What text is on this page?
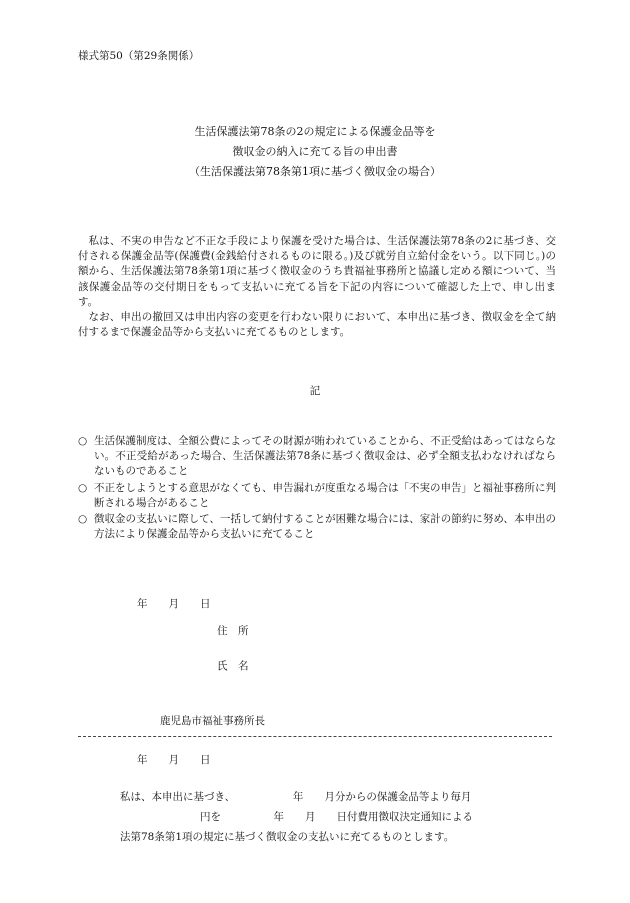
様式第50（第29条関係）
生活保護法第78条の2の規定による保護金品等を
徴収金の納入に充てる旨の申出書
（生活保護法第78条第1項に基づく徴収金の場合）

私は、不実の申告など不正な手段により保護を受けた場合は、生活保護法第78条の2に基づき、交付される保護金品等(保護費(金銭給付されるものに限る。)及び就労自立給付金をいう。以下同じ。)の額から、生活保護法第78条第1項に基づく徴収金のうち貴福祉事務所と協議し定める額について、当該保護金品等の交付期日をもって支払いに充てる旨を下記の内容について確認した上で、申し出ます。

なお、申出の撤回又は申出内容の変更を行わない限りにおいて、本申出に基づき、徴収金を全て納付するまで保護金品等から支払いに充てるものとします。

記
○ 生活保護制度は、全額公費によってその財源が賄われていることから、不正受給はあってはならない。不正受給があった場合、生活保護法第78条に基づく徴収金は、必ず全額支払わなければならないものであること
○ 不正をしようとする意思がなくても、申告漏れが度重なる場合は「不実の申告」と福祉事務所に判断される場合があること
○ 徴収金の支払いに際して、一括して納付することが困難な場合には、家計の節約に努め、本申出の方法により保護金品等から支払いに充てること
年　　月　　日
住　所
氏　名
鹿児島市福祉事務所長
年　　月　　日
私は、本申出に基づき、　　　　　　年　　月分からの保護金品等より毎月
円を　　　　　年　　月　　日付費用徴収決定通知による
法第78条第1項の規定に基づく徴収金の支払いに充てるものとします。
